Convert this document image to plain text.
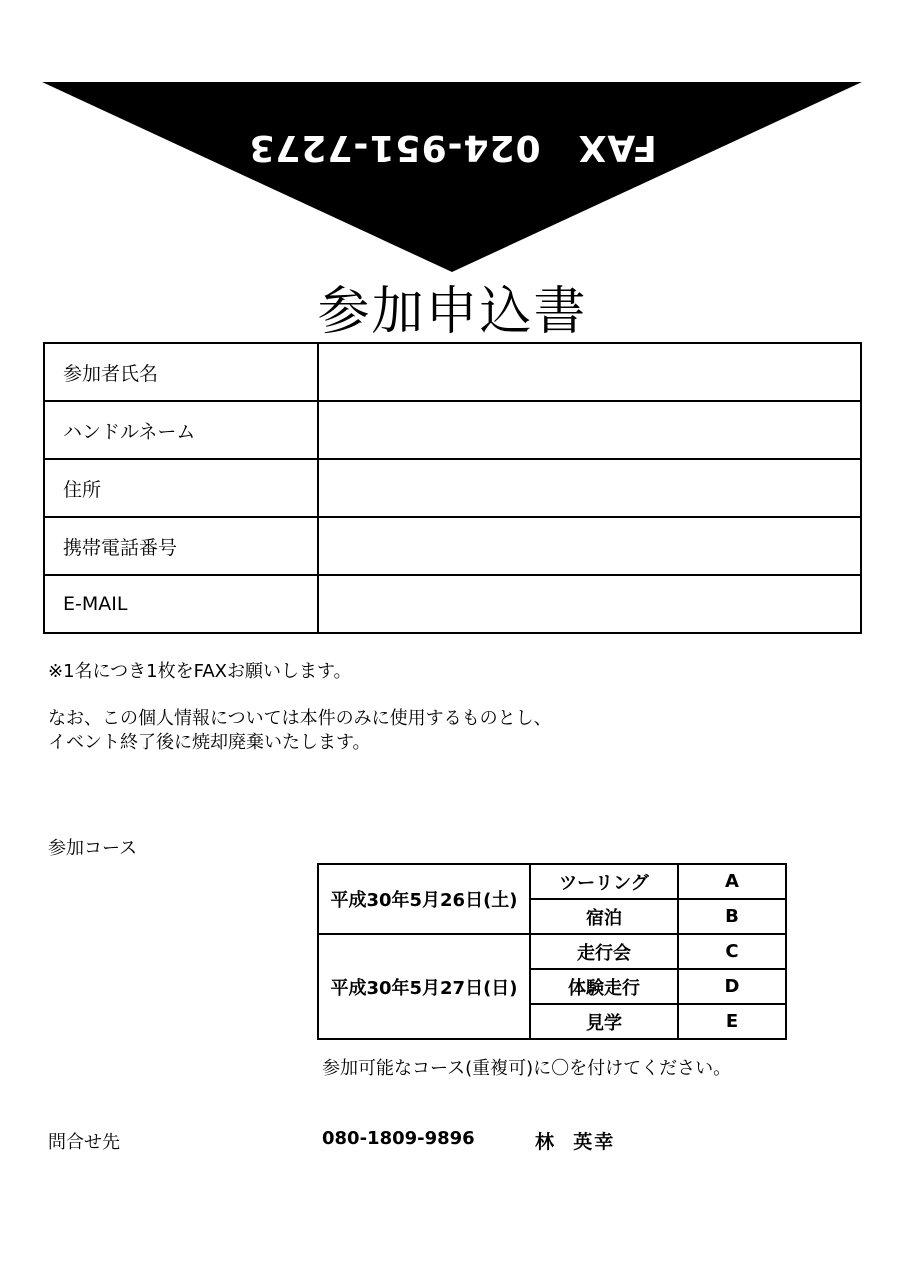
FAX　024-951-7273
参加申込書
参加者氏名	
ハンドルネーム	
住所	
携帯電話番号	
E-MAIL	
※1名につき1枚をFAXお願いします。
なお、この個人情報については本件のみに使用するものとし、
イベント終了後に焼却廃棄いたします。
参加コース
平成30年5月26日(土)	ツーリング	A
	宿泊	B
平成30年5月27日(日)	走行会	C
	体験走行	D
	見学	E
参加可能なコース(重複可)に〇を付けてください。
問合せ先	080-1809-9896	林  英幸
